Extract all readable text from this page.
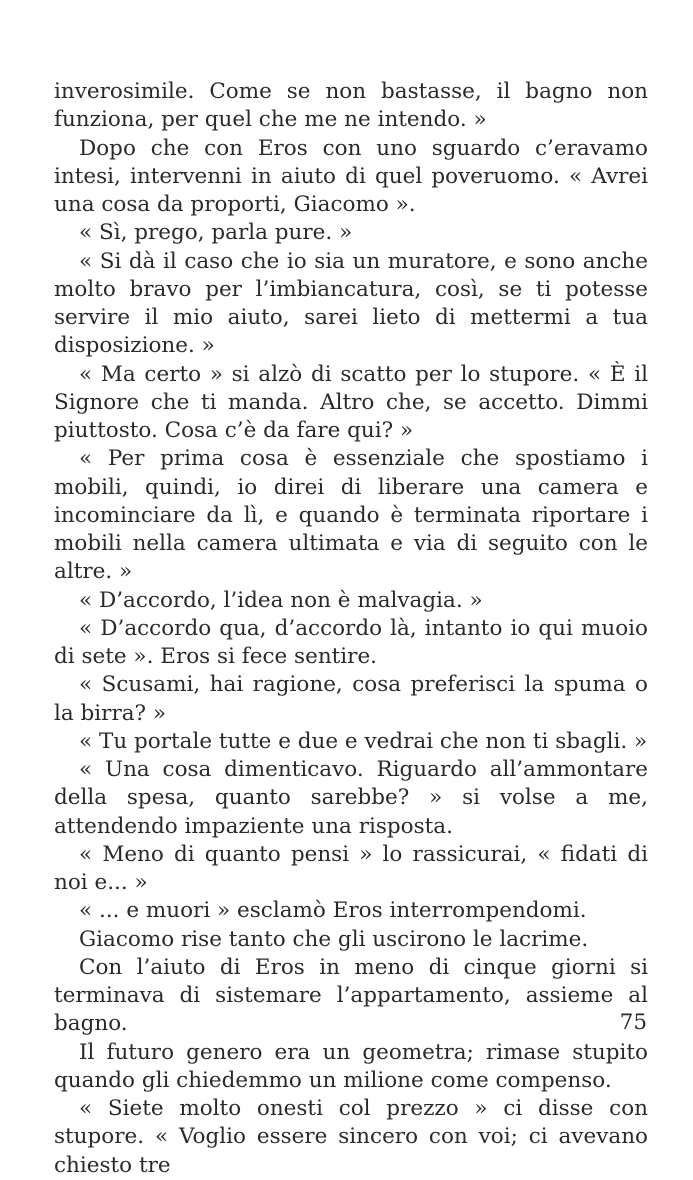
inverosimile. Come se non bastasse, il bagno non funziona, per quel che me ne intendo. »

Dopo che con Eros con uno sguardo c’eravamo intesi, intervenni in aiuto di quel poveruomo. « Avrei una cosa da proporti, Giacomo ».

« Sì, prego, parla pure. »

« Si dà il caso che io sia un muratore, e sono anche molto bravo per l’imbiancatura, così, se ti potesse servire il mio aiuto, sarei lieto di mettermi a tua disposizione. »

« Ma certo » si alzò di scatto per lo stupore. « È il Signore che ti manda. Altro che, se accetto. Dimmi piuttosto. Cosa c’è da fare qui? »

« Per prima cosa è essenziale che spostiamo i mobili, quindi, io direi di liberare una camera e incominciare da lì, e quando è terminata riportare i mobili nella camera ultimata e via di seguito con le altre. »

« D’accordo, l’idea non è malvagia. »

« D’accordo qua, d’accordo là, intanto io qui muoio di sete ». Eros si fece sentire.

« Scusami, hai ragione, cosa preferisci la spuma o la birra? »

« Tu portale tutte e due e vedrai che non ti sbagli. »

« Una cosa dimenticavo. Riguardo all’ammontare della spesa, quanto sarebbe? » si volse a me, attendendo impaziente una risposta.

« Meno di quanto pensi » lo rassicurai, « fidati di noi e... »

« ... e muori » esclamò Eros interrompendomi.

Giacomo rise tanto che gli uscirono le lacrime.

Con l’aiuto di Eros in meno di cinque giorni si terminava di sistemare l’appartamento, assieme al bagno.

Il futuro genero era un geometra; rimase stupito quando gli chiedemmo un milione come compenso.

« Siete molto onesti col prezzo » ci disse con stupore. « Voglio essere sincero con voi; ci avevano chiesto tre

75
